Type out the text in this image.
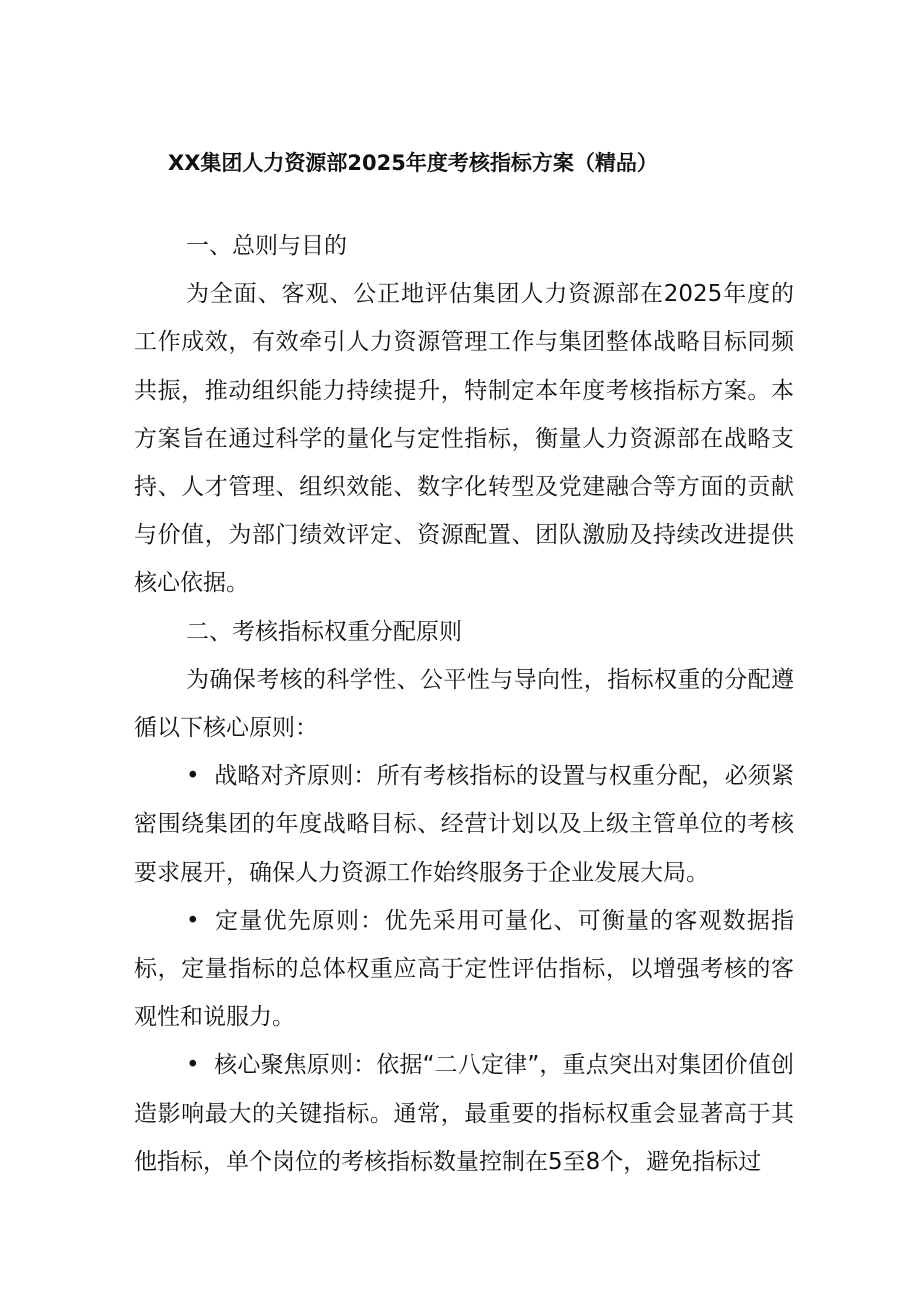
XX集团人力资源部2025年度考核指标方案（精品）

一、总则与目的

为全面、客观、公正地评估集团人力资源部在2025年度的工作成效，有效牵引人力资源管理工作与集团整体战略目标同频共振，推动组织能力持续提升，特制定本年度考核指标方案。本方案旨在通过科学的量化与定性指标，衡量人力资源部在战略支持、人才管理、组织效能、数字化转型及党建融合等方面的贡献与价值，为部门绩效评定、资源配置、团队激励及持续改进提供核心依据。

二、考核指标权重分配原则

为确保考核的科学性、公平性与导向性，指标权重的分配遵循以下核心原则：

• 战略对齐原则：所有考核指标的设置与权重分配，必须紧密围绕集团的年度战略目标、经营计划以及上级主管单位的考核要求展开，确保人力资源工作始终服务于企业发展大局。

• 定量优先原则：优先采用可量化、可衡量的客观数据指标，定量指标的总体权重应高于定性评估指标，以增强考核的客观性和说服力。

• 核心聚焦原则：依据“二八定律”，重点突出对集团价值创造影响最大的关键指标。通常，最重要的指标权重会显著高于其他指标，单个岗位的考核指标数量控制在5至8个，避免指标过
